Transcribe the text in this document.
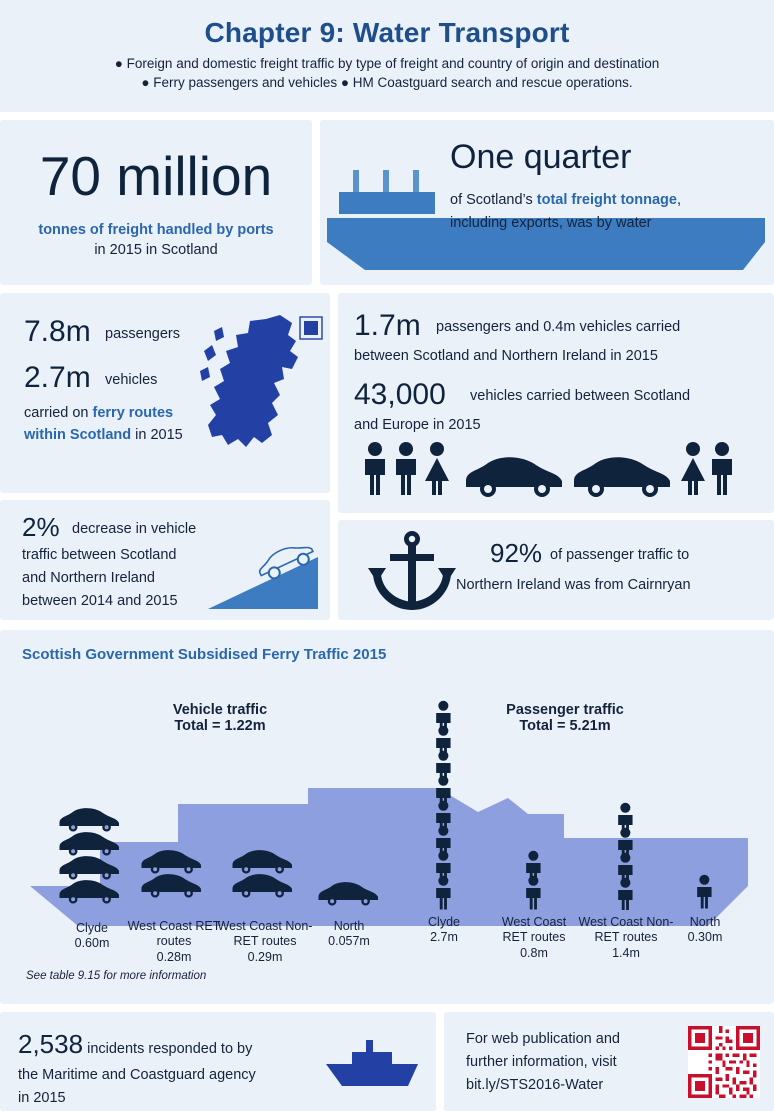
Chapter 9: Water Transport
● Foreign and domestic freight traffic by type of freight and country of origin and destination
● Ferry passengers and vehicles ● HM Coastguard search and rescue operations.
70 million
tonnes of freight handled by ports
in 2015 in Scotland
One quarter
of Scotland’s total freight tonnage,
including exports, was by water
7.8m passengers
2.7m vehicles
carried on ferry routes
within Scotland in 2015
1.7m passengers and 0.4m vehicles carried
between Scotland and Northern Ireland in 2015
43,000 vehicles carried between Scotland
and Europe in 2015
2% decrease in vehicle
traffic between Scotland
and Northern Ireland
between 2014 and 2015
92% of passenger traffic to
Northern Ireland was from Cairnryan
Scottish Government Subsidised Ferry Traffic 2015
Vehicle traffic
Total = 1.22m
Passenger traffic
Total = 5.21m
Clyde
0.60m
West Coast RET routes
0.28m
West Coast Non-RET routes
0.29m
North
0.057m
Clyde
2.7m
West Coast RET routes
0.8m
West Coast Non-RET routes
1.4m
North
0.30m
See table 9.15 for more information
2,538 incidents responded to by
the Maritime and Coastguard agency
in 2015
For web publication and
further information, visit
bit.ly/STS2016-Water
